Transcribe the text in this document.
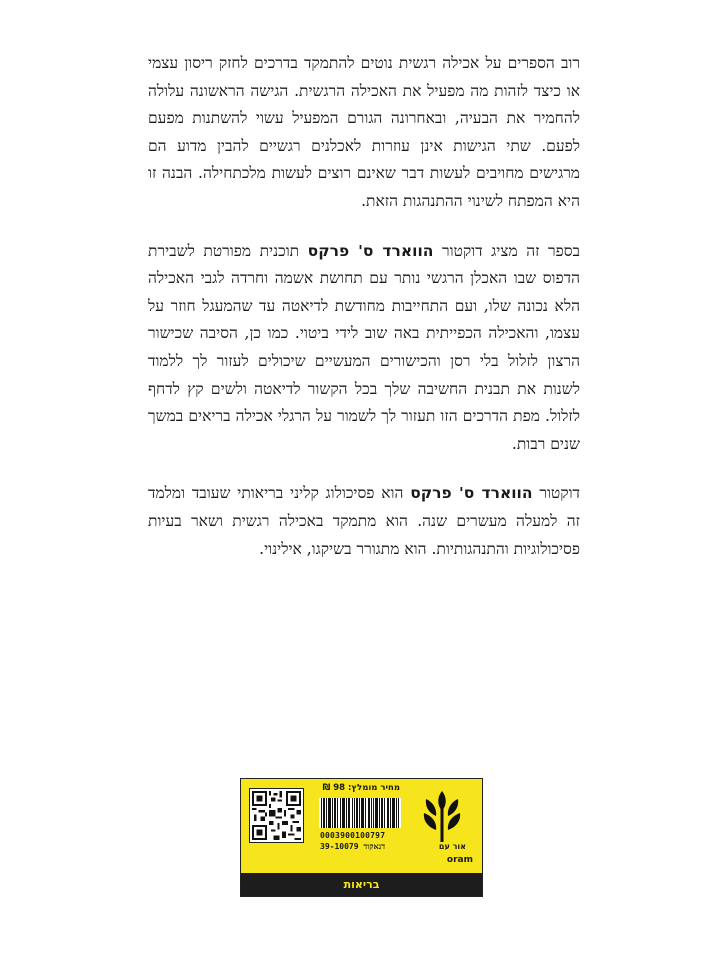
רוב הספרים על אכילה רגשית נוטים להתמקד בדרכים לחזק ריסון עצמי או כיצד לזהות מה מפעיל את האכילה הרגשית. הגישה הראשונה עלולה להחמיר את הבעיה, ובאחרונה הגורם המפעיל עשוי להשתנות מפעם לפעם. שתי הגישות אינן עוזרות לאכלנים רגשיים להבין מדוע הם מרגישים מחויבים לעשות דבר שאינם רוצים לעשות מלכתחילה. הבנה זו היא המפתח לשינוי ההתנהגות הזאת.

בספר זה מציג דוקטור הווארד ס' פרקס תוכנית מפורטת לשבירת הדפוס שבו האכלן הרגשי נותר עם תחושת אשמה וחרדה לגבי האכילה הלא נכונה שלו, ועם התחייבות מחודשת לדיאטה עד שהמעגל חוזר על עצמו, והאכילה הכפייתית באה שוב לידי ביטוי. כמו כן, הסיבה שכישור הרצון לזלול בלי רסן והכישורים המעשיים שיכולים לעזור לך ללמוד לשנות את תבנית החשיבה שלך בכל הקשור לדיאטה ולשים קץ לדחף לזלול. מפת הדרכים הזו תעזור לך לשמור על הרגלי אכילה בריאים במשך שנים רבות.

דוקטור הווארד ס' פרקס הוא פסיכולוג קליני בריאותי שעובד ומלמד זה למעלה מעשרים שנה. הוא מתמקד באכילה רגשית ושאר בעיות פסיכולוגיות והתנהגותיות. הוא מתגורר בשיקגו, אילינוי.

מחיר מומלץ: 98 ₪
0003900100797
39-10079 דנאקוד	אור עם
oram
בריאות
